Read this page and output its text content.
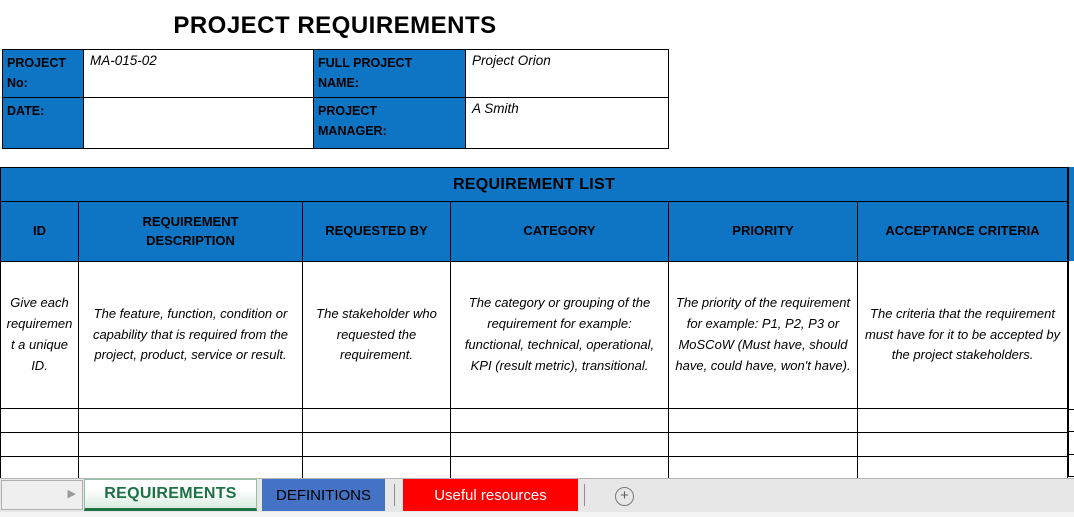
PROJECT REQUIREMENTS
PROJECT No:	MA-015-02	FULL PROJECT NAME:	Project Orion
DATE:		PROJECT MANAGER:	A Smith
REQUIREMENT LIST					
ID	REQUIREMENT DESCRIPTION	REQUESTED BY	CATEGORY	PRIORITY	ACCEPTANCE CRITERIA
Give each requirement a unique ID.	The feature, function, condition or capability that is required from the project, product, service or result.	The stakeholder who requested the requirement.	The category or grouping of the requirement for example: functional, technical, operational, KPI (result metric), transitional.	The priority of the requirement for example: P1, P2, P3 or MoSCoW (Must have, should have, could have, won't have).	The criteria that the requirement must have for it to be accepted by the project stakeholders.

▶	REQUIREMENTS	DEFINITIONS	Useful resources	+
